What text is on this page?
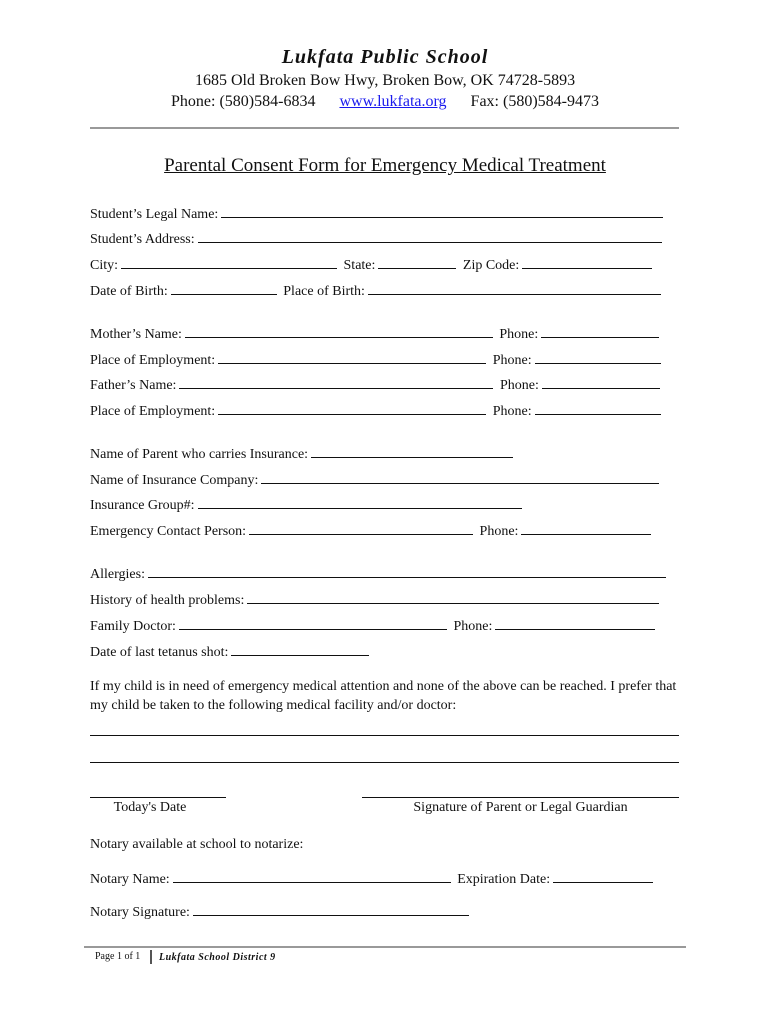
Lukfata Public School
1685 Old Broken Bow Hwy, Broken Bow, OK 74728-5893
Phone: (580)584-6834 www.lukfata.org Fax: (580)584-9473
Parental Consent Form for Emergency Medical Treatment
Student’s Legal Name:
Student’s Address:
City:	State:	Zip Code:
Date of Birth:	Place of Birth:
Mother’s Name:	Phone:
Place of Employment:	Phone:
Father’s Name:	Phone:
Place of Employment:	Phone:
Name of Parent who carries Insurance:
Name of Insurance Company:
Insurance Group#:
Emergency Contact Person:	Phone:
Allergies:
History of health problems:
Family Doctor:	Phone:
Date of last tetanus shot:
If my child is in need of emergency medical attention and none of the above can be reached. I prefer that my child be taken to the following medical facility and/or doctor:
Today's Date	Signature of Parent or Legal Guardian
Notary available at school to notarize:
Notary Name:	Expiration Date:
Notary Signature:
Page 1 of 1 Lukfata School District 9
